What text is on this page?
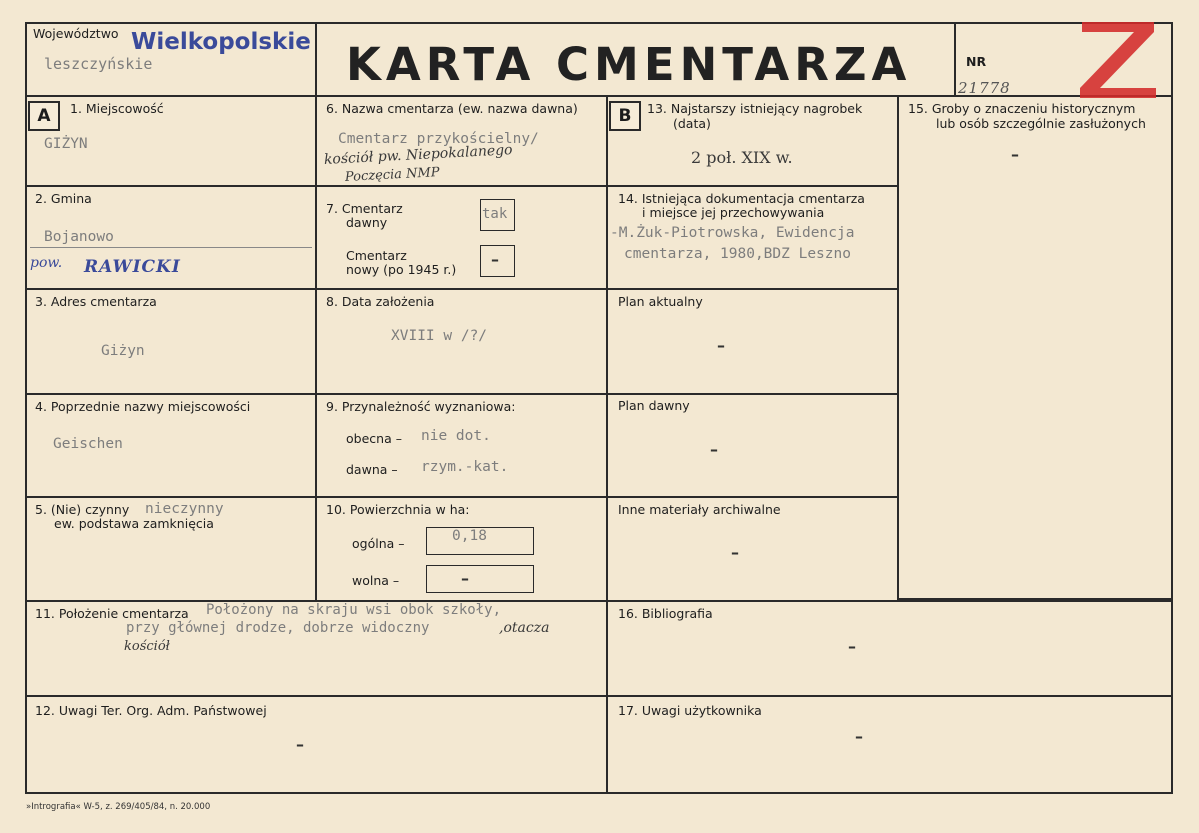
Województwo Wielkopolskie
leszczyńskie	KARTA CMENTARZA	NR
21778
A	B
1. Miejscowość
GIŻYN
2. Gmina
Bojanowo
pow. RAWICKI
3. Adres cmentarza
Giżyn
4. Poprzednie nazwy miejscowości
Geischen
5. (Nie) czynny
ew. podstawa zamknięcia
nieczynny
6. Nazwa cmentarza (ew. nazwa dawna)
Cmentarz przykościelny/
kościół pw. Niepokalanego
Poczęcia NMP
7. Cmentarz
dawny
tak
Cmentarz
nowy (po 1945 r.)
–
8. Data założenia
XVIII w /?/
9. Przynależność wyznaniowa:
obecna – nie dot.
dawna – rzym.-kat.
10. Powierzchnia w ha:
ogólna –	0,18
wolna –	–
11. Położenie cmentarza Położony na skraju wsi obok szkoły,
przy głównej drodze, dobrze widoczny	,otacza
kościół
12. Uwagi Ter. Org. Adm. Państwowej
–
13. Najstarszy istniejący nagrobek
(data)
2 poł. XIX w.
14. Istniejąca dokumentacja cmentarza
i miejsce jej przechowywania
-M.Żuk-Piotrowska, Ewidencja
cmentarza, 1980,BDZ Leszno
Plan aktualny
–
Plan dawny
–
Inne materiały archiwalne
–
15. Groby o znaczeniu historycznym
lub osób szczególnie zasłużonych
–
16. Bibliografia
–
17. Uwagi użytkownika
–
»Intrografia« W-5, z. 269/405/84, n. 20.000
